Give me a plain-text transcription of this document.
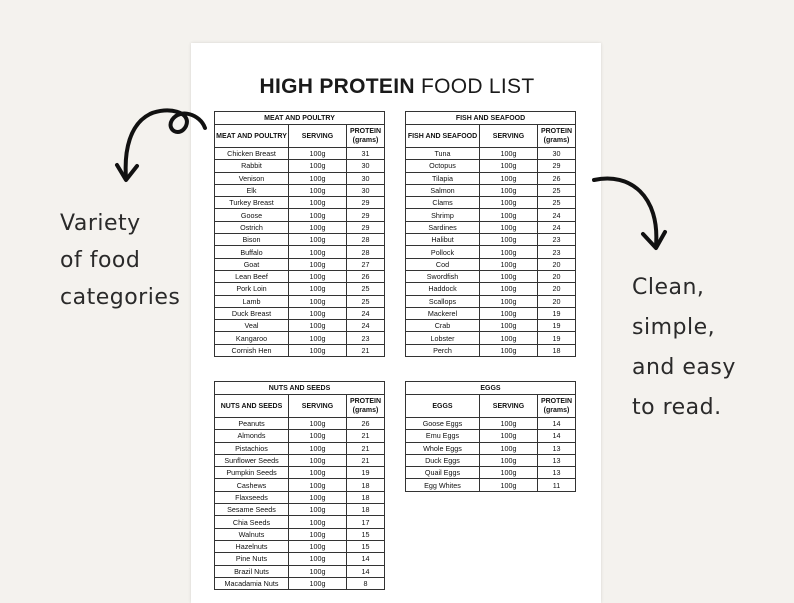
HIGH PROTEIN FOOD LIST
MEAT AND POULTRY		
MEAT AND POULTRY	SERVING	PROTEIN (grams)
Chicken Breast	100g	31
Rabbit	100g	30
Venison	100g	30
Elk	100g	30
Turkey Breast	100g	29
Goose	100g	29
Ostrich	100g	29
Bison	100g	28
Buffalo	100g	28
Goat	100g	27
Lean Beef	100g	26
Pork Loin	100g	25
Lamb	100g	25
Duck Breast	100g	24
Veal	100g	24
Kangaroo	100g	23
Cornish Hen	100g	21
FISH AND SEAFOOD		
FISH AND SEAFOOD	SERVING	PROTEIN (grams)
Tuna	100g	30
Octopus	100g	29
Tilapia	100g	26
Salmon	100g	25
Clams	100g	25
Shrimp	100g	24
Sardines	100g	24
Halibut	100g	23
Pollock	100g	23
Cod	100g	20
Swordfish	100g	20
Haddock	100g	20
Scallops	100g	20
Mackerel	100g	19
Crab	100g	19
Lobster	100g	19
Perch	100g	18
NUTS AND SEEDS		
NUTS AND SEEDS	SERVING	PROTEIN (grams)
Peanuts	100g	26
Almonds	100g	21
Pistachios	100g	21
Sunflower Seeds	100g	21
Pumpkin Seeds	100g	19
Cashews	100g	18
Flaxseeds	100g	18
Sesame Seeds	100g	18
Chia Seeds	100g	17
Walnuts	100g	15
Hazelnuts	100g	15
Pine Nuts	100g	14
Brazil Nuts	100g	14
Macadamia Nuts	100g	8
EGGS		
EGGS	SERVING	PROTEIN (grams)
Goose Eggs	100g	14
Emu Eggs	100g	14
Whole Eggs	100g	13
Duck Eggs	100g	13
Quail Eggs	100g	13
Egg Whites	100g	11
Variety
of food
categories	Clean,
simple,
and easy
to read.
